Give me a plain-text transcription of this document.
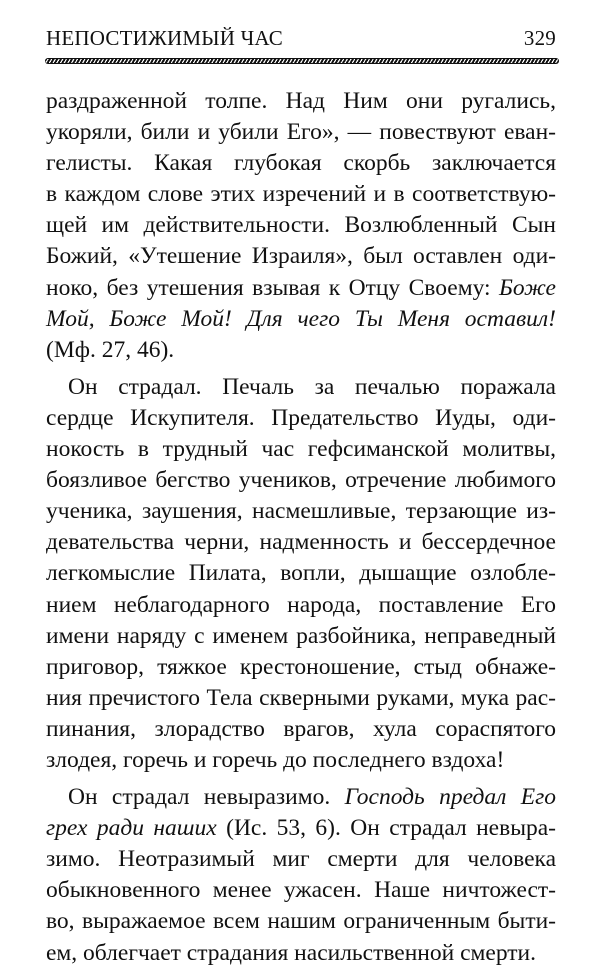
НЕПОСТИЖИМЫЙ ЧАС	329
раздраженной толпе. Над Ним они ругались,
укоряли, били и убили Его», — повествуют еван-
гелисты. Какая глубокая скорбь заключается
в каждом слове этих изречений и в соответствую-
щей им действительности. Возлюбленный Сын
Божий, «Утешение Израиля», был оставлен оди-
ноко, без утешения взывая к Отцу Своему: Боже
Мой, Боже Мой! Для чего Ты Меня оставил!
(Мф. 27, 46).
Он страдал. Печаль за печалью поражала
сердце Искупителя. Предательство Иуды, оди-
нокость в трудный час гефсиманской молитвы,
боязливое бегство учеников, отречение любимого
ученика, заушения, насмешливые, терзающие из-
девательства черни, надменность и бессердечное
легкомыслие Пилата, вопли, дышащие озлобле-
нием неблагодарного народа, поставление Его
имени наряду с именем разбойника, неправедный
приговор, тяжкое крестоношение, стыд обнаже-
ния пречистого Тела скверными руками, мука рас-
пинания, злорадство врагов, хула сораспятого
злодея, горечь и горечь до последнего вздоха!
Он страдал невыразимо. Господь предал Его
грех ради наших (Ис. 53, 6). Он страдал невыра-
зимо. Неотразимый миг смерти для человека
обыкновенного менее ужасен. Наше ничтожест-
во, выражаемое всем нашим ограниченным быти-
ем, облегчает страдания насильственной смерти.
